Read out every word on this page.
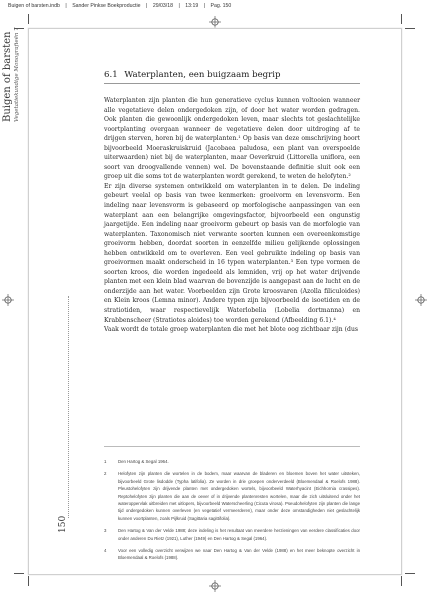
Buigen of barsten.indb | Sander Pinkse Boekproductie | 29/03/18 | 13:19 | Pag. 150
Buigen of barsten Vegetatiekundige Monografieën 7
150
6.1 Waterplanten, een buigzaam begrip

Waterplanten zijn planten die hun generatieve cyclus kunnen voltooien wanneer alle vegetatieve delen ondergedoken zijn, of door het water worden gedragen. Ook planten die gewoonlijk ondergedoken leven, maar slechts tot geslachtelijke voortplanting overgaan wanneer de vegetatieve delen door uitdroging af te drijgen sterven, horen bij de waterplanten.¹ Op basis van deze omschrijving hoort bijvoorbeeld Moeraskruiskruid (Jacobaea paludosa, een plant van overspoelde uiterwaarden) niet bij de waterplanten, maar Oeverkruid (Littorella uniflora, een soort van droogvallende vennen) wel. De bovenstaande definitie sluit ook een groep uit die soms tot de waterplanten wordt gerekend, te weten de helofyten.²

Er zijn diverse systemen ontwikkeld om waterplanten in te delen. De indeling gebeurt veelal op basis van twee kenmerken: groeivorm en levensvorm. Een indeling naar levensvorm is gebaseerd op morfologische aanpassingen van een waterplant aan een belangrijke omgevingsfactor, bijvoorbeeld een ongunstig jaargetijde. Een indeling naar groeivorm gebeurt op basis van de morfologie van waterplanten. Taxonomisch niet verwante soorten kunnen een overeenkomstige groeivorm hebben, doordat soorten in eenzelfde milieu gelijkende oplossingen hebben ontwikkeld om te overleven. Een veel gebruikte indeling op basis van groeivormen maakt onderscheid in 16 typen waterplanten.³ Een type vormen de soorten kroos, die worden ingedeeld als lemniden, vrij op het water drijvende planten met een klein blad waarvan de bovenzijde is aangepast aan de lucht en de onderzijde aan het water. Voorbeelden zijn Grote kroosvaren (Azolla filiculoides) en Klein kroos (Lemna minor). Andere typen zijn bijvoorbeeld de isoetiden en de stratiotiden, waar respectievelijk Waterlobelia (Lobelia dortmanna) en Krabbenscheer (Stratiotes aloides) toe worden gerekend (Afbeelding 6.1).⁴

Vaak wordt de totale groep waterplanten die met het blote oog zichtbaar zijn (dus

1	Den Hartog & Segal 1964.
2	Helofyten zijn planten die wortelen in de bodem, maar waarvan de bladeren en bloemen boven het water uitsteken, bijvoorbeeld Grote lisdodde (Typha latifolia). Ze worden in drie groepen onderverdeeld (Bloemendaal & Roelofs 1988). Pleustohelofyten zijn drijvende planten met ondergedoken wortels, bijvoorbeeld Waterhyacint (Eichhornia crassipes). Reptohelofyten zijn planten die aan de oever of in drijvende plantenresten wortelen, maar die zich uitsluitend onder het wateroppervlak uitbreiden met uitlopers, bijvoorbeeld Waterscheerling (Cicuta virosa). Pseudohelofyten zijn planten die lange tijd ondergedoken kunnen overleven (en vegetatief vermeerderen), maar onder deze omstandigheden niet geslachtelijk kunnen voortplanten, zoals Pijlkruid (Sagittaria sagittifolia).
3	Den Hartog & Van der Velde 1988; deze indeling is het resultaat van meerdere herzieningen van eerdere classificaties door onder anderen Du Rietz (1921), Luther (1949) en Den Hartog & Segal (1964).
4	Voor een volledig overzicht verwijzen we naar Den Hartog & Van der Velde (1988) en het meer beknopte overzicht in Bloemendaal & Roelofs (1988).
